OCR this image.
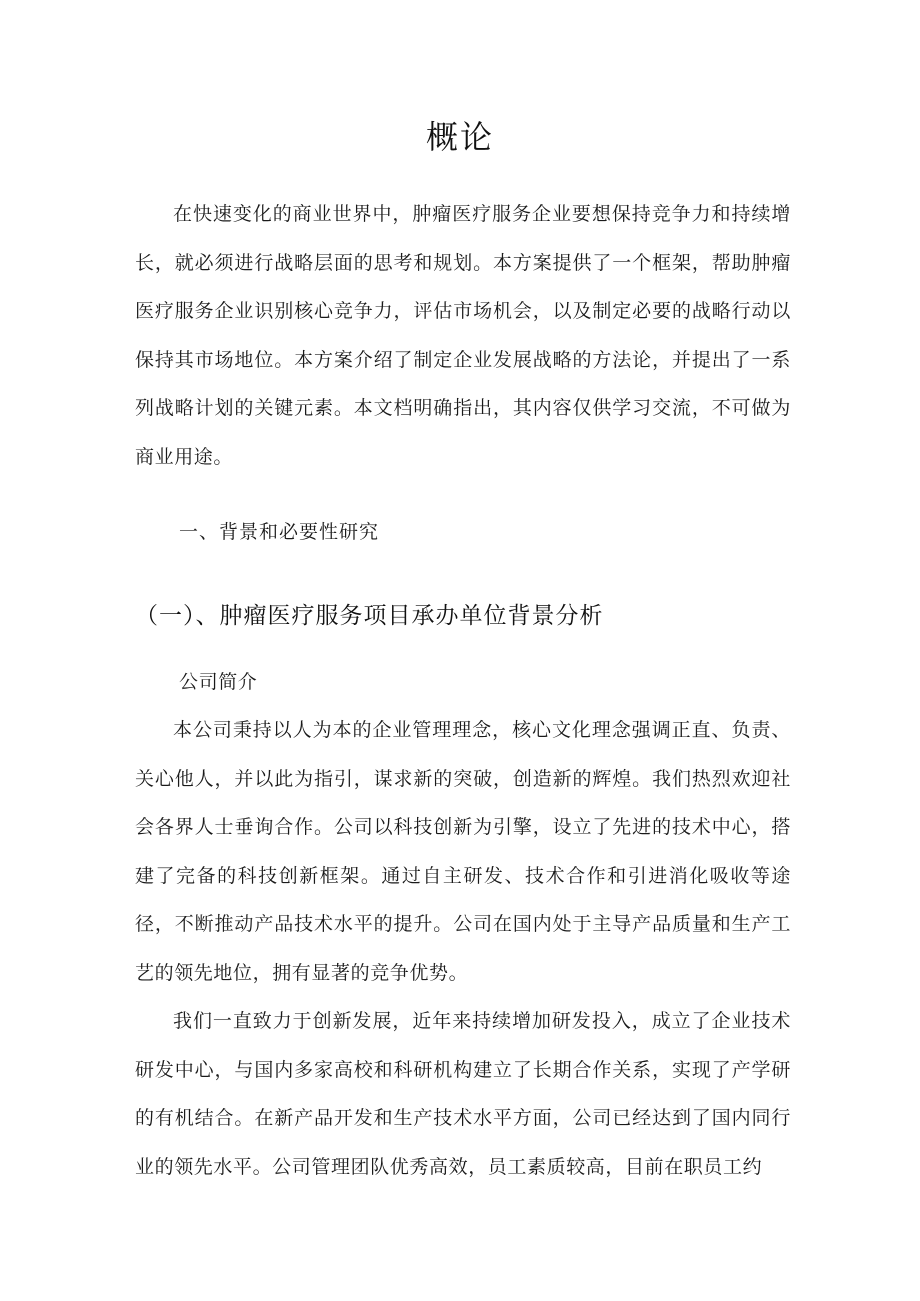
概论

在快速变化的商业世界中，肿瘤医疗服务企业要想保持竞争力和持续增长，就必须进行战略层面的思考和规划。本方案提供了一个框架，帮助肿瘤医疗服务企业识别核心竞争力，评估市场机会，以及制定必要的战略行动以保持其市场地位。本方案介绍了制定企业发展战略的方法论，并提出了一系列战略计划的关键元素。本文档明确指出，其内容仅供学习交流，不可做为商业用途。

一、背景和必要性研究
（一）、肿瘤医疗服务项目承办单位背景分析
公司简介

本公司秉持以人为本的企业管理理念，核心文化理念强调正直、负责、关心他人，并以此为指引，谋求新的突破，创造新的辉煌。我们热烈欢迎社会各界人士垂询合作。公司以科技创新为引擎，设立了先进的技术中心，搭建了完备的科技创新框架。通过自主研发、技术合作和引进消化吸收等途径，不断推动产品技术水平的提升。公司在国内处于主导产品质量和生产工艺的领先地位，拥有显著的竞争优势。

我们一直致力于创新发展，近年来持续增加研发投入，成立了企业技术研发中心，与国内多家高校和科研机构建立了长期合作关系，实现了产学研的有机结合。在新产品开发和生产技术水平方面，公司已经达到了国内同行业的领先水平。公司管理团队优秀高效，员工素质较高，目前在职员工约
